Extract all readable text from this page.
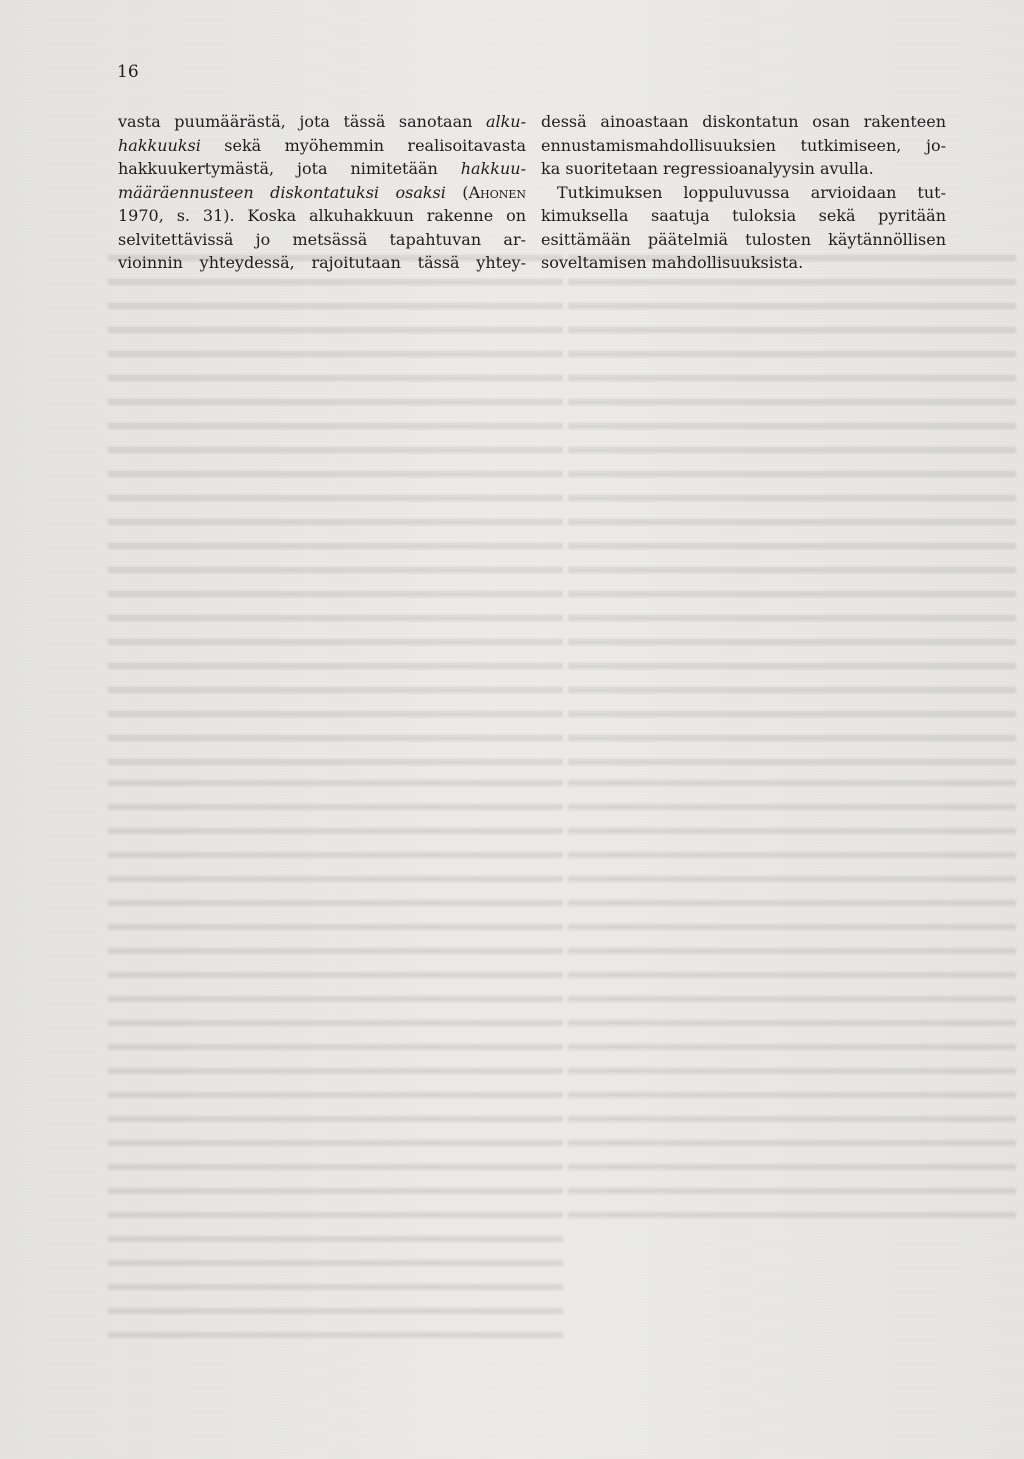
16

vasta puumäärästä, jota tässä sanotaan alku-
hakkuuksi sekä myöhemmin realisoitavasta
hakkuukertymästä, jota nimitetään hakkuu-
määräennusteen diskontatuksi osaksi (Ahonen
1970, s. 31). Koska alkuhakkuun rakenne on
selvitettävissä jo metsässä tapahtuvan ar-
vioinnin yhteydessä, rajoitutaan tässä yhtey-
dessä ainoastaan diskontatun osan rakenteen
ennustamismahdollisuuksien tutkimiseen, jo-
ka suoritetaan regressioanalyysin avulla.
Tutkimuksen loppuluvussa arvioidaan tut-
kimuksella saatuja tuloksia sekä pyritään
esittämään päätelmiä tulosten käytännöllisen
soveltamisen mahdollisuuksista.
